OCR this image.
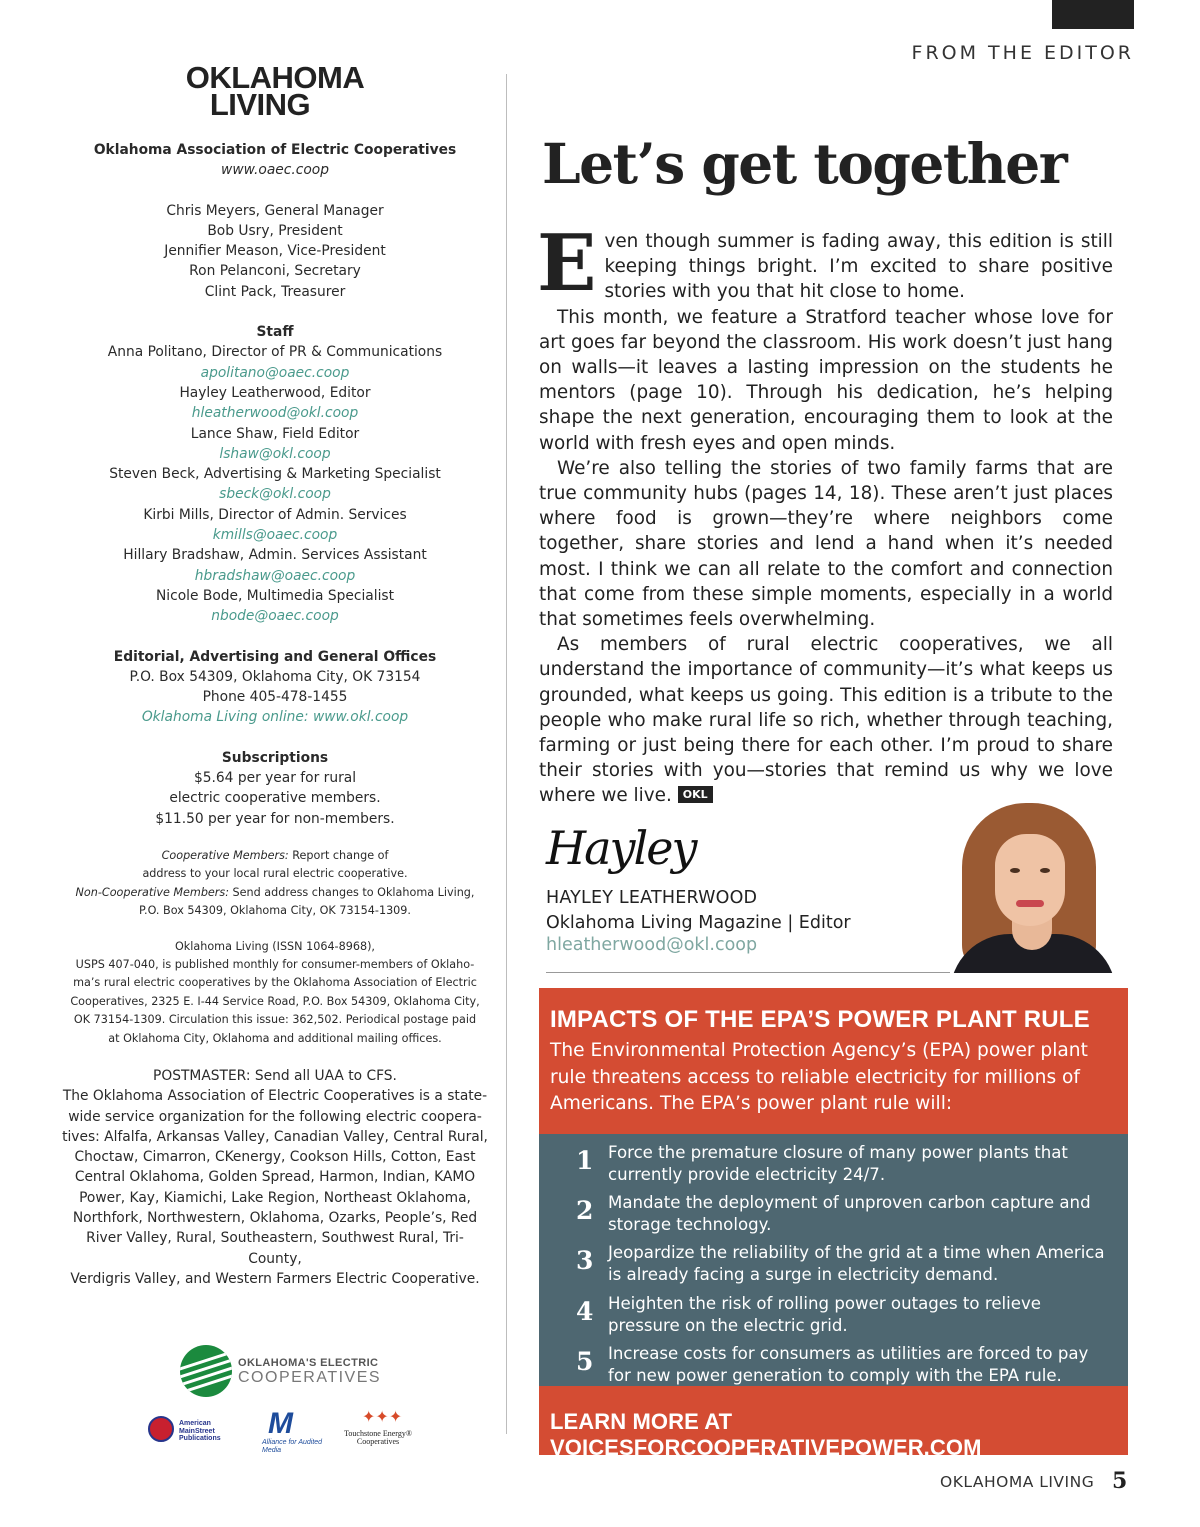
FROM THE EDITOR
OKLAHOMA
LIVING

Oklahoma Association of Electric Cooperatives

www.oaec.coop

Chris Meyers, General Manager

Bob Usry, President

Jennifier Meason, Vice-President

Ron Pelanconi, Secretary

Clint Pack, Treasurer

Staff

Anna Politano, Director of PR & Communications

apolitano@oaec.coop

Hayley Leatherwood, Editor

hleatherwood@okl.coop

Lance Shaw, Field Editor

lshaw@okl.coop

Steven Beck, Advertising & Marketing Specialist

sbeck@okl.coop

Kirbi Mills, Director of Admin. Services

kmills@oaec.coop

Hillary Bradshaw, Admin. Services Assistant

hbradshaw@oaec.coop

Nicole Bode, Multimedia Specialist

nbode@oaec.coop

Editorial, Advertising and General Offices

P.O. Box 54309, Oklahoma City, OK 73154

Phone 405-478-1455

Oklahoma Living online: www.okl.coop

Subscriptions

$5.64 per year for rural

electric cooperative members.

$11.50 per year for non-members.

Cooperative Members: Report change of

address to your local rural electric cooperative.

Non-Cooperative Members: Send address changes to Oklahoma Living,

P.O. Box 54309, Oklahoma City, OK 73154-1309.

Oklahoma Living (ISSN 1064-8968),

USPS 407-040, is published monthly for consumer-members of Oklaho-

ma’s rural electric cooperatives by the Oklahoma Association of Electric

Cooperatives, 2325 E. I-44 Service Road, P.O. Box 54309, Oklahoma City,

OK 73154-1309. Circulation this issue: 362,502. Periodical postage paid

at Oklahoma City, Oklahoma and additional mailing offices.

POSTMASTER: Send all UAA to CFS.

The Oklahoma Association of Electric Cooperatives is a state-

wide service organization for the following electric coopera-

tives: Alfalfa, Arkansas Valley, Canadian Valley, Central Rural,

Choctaw, Cimarron, CKenergy, Cookson Hills, Cotton, East

Central Oklahoma, Golden Spread, Harmon, Indian, KAMO

Power, Kay, Kiamichi, Lake Region, Northeast Oklahoma,

Northfork, Northwestern, Oklahoma, Ozarks, People’s, Red

River Valley, Rural, Southeastern, Southwest Rural, Tri-County,

Verdigris Valley, and Western Farmers Electric Cooperative.

OKLAHOMA'S ELECTRIC
COOPERATIVES
American MainStreet Publications	M
Alliance for Audited Media
✦✦✦
Touchstone Energy® Cooperatives
Let’s get together

Even though summer is fading away, this edition is still keeping things bright. I’m excited to share positive stories with you that hit close to home.

This month, we feature a Stratford teacher whose love for art goes far beyond the classroom. His work doesn’t just hang on walls—it leaves a lasting impression on the students he mentors (page 10). Through his dedication, he’s helping shape the next generation, encouraging them to look at the world with fresh eyes and open minds.

We’re also telling the stories of two family farms that are true community hubs (pages 14, 18). These aren’t just places where food is grown—they’re where neighbors come together, share stories and lend a hand when it’s needed most. I think we can all relate to the comfort and connection that come from these simple moments, especially in a world that sometimes feels overwhelming.

As members of rural electric cooperatives, we all understand the importance of community—it’s what keeps us grounded, what keeps us going. This edition is a tribute to the people who make rural life so rich, whether through teaching, farming or just being there for each other. I’m proud to share their stories with you—stories that remind us why we love where we live. OKL

Hayley
HAYLEY LEATHERWOOD
Oklahoma Living Magazine | Editor
hleatherwood@okl.coop
IMPACTS OF THE EPA’S POWER PLANT RULE
The Environmental Protection Agency’s (EPA) power plant rule threatens access to reliable electricity for millions of Americans. The EPA’s power plant rule will:
1 Force the premature closure of many power plants that currently provide electricity 24/7.
2 Mandate the deployment of unproven carbon capture and storage technology.
3 Jeopardize the reliability of the grid at a time when America is already facing a surge in electricity demand.
4 Heighten the risk of rolling power outages to relieve pressure on the electric grid.
5 Increase costs for consumers as utilities are forced to pay for new power generation to comply with the EPA rule.
LEARN MORE AT VOICESFORCOOPERATIVEPOWER.COM
OKLAHOMA LIVING 5
